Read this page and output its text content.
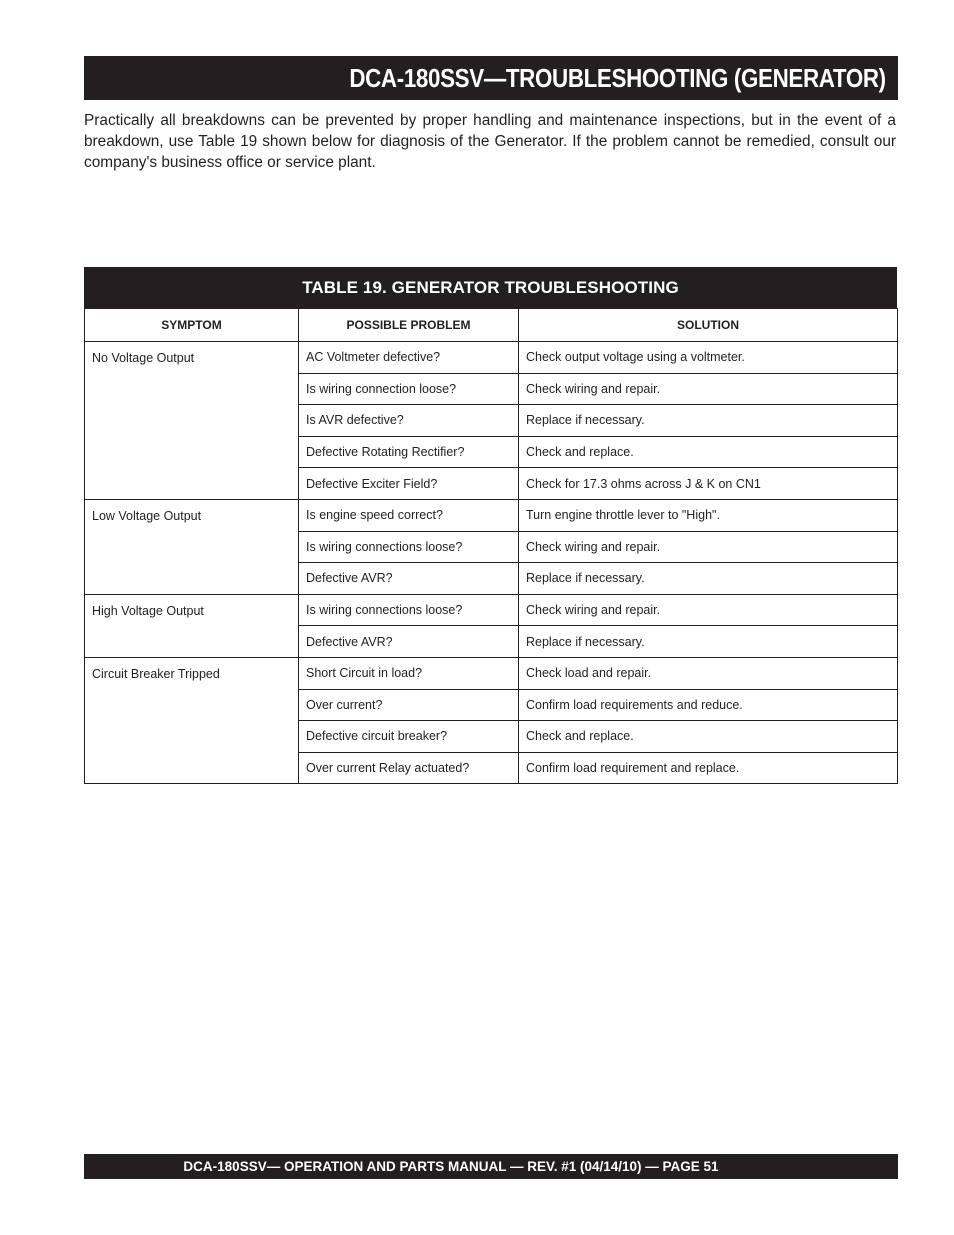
DCA-180SSV—TROUBLESHOOTING (GENERATOR)

Practically all breakdowns can be prevented by proper handling and maintenance inspections, but in the event of a breakdown, use Table 19 shown below for diagnosis of the Generator. If the problem cannot be remedied, consult our company's business office or service plant.

TABLE 19. GENERATOR TROUBLESHOOTING
SYMPTOM	POSSIBLE PROBLEM	SOLUTION
No Voltage Output	AC Voltmeter defective?	Check output voltage using a voltmeter.
	Is wiring connection loose?	Check wiring and repair.
	Is AVR defective?	Replace if necessary.
	Defective Rotating Rectifier?	Check and replace.
	Defective Exciter Field?	Check for 17.3 ohms across J & K on CN1
Low Voltage Output	Is engine speed correct?	Turn engine throttle lever to "High".
	Is wiring connections loose?	Check wiring and repair.
	Defective AVR?	Replace if necessary.
High Voltage Output	Is wiring connections loose?	Check wiring and repair.
	Defective AVR?	Replace if necessary.
Circuit Breaker Tripped	Short Circuit in load?	Check load and repair.
	Over current?	Confirm load requirements and reduce.
	Defective circuit breaker?	Check and replace.
	Over current Relay actuated?	Confirm load requirement and replace.
DCA-180SSV— OPERATION AND PARTS MANUAL — REV. #1 (04/14/10) — PAGE 51
